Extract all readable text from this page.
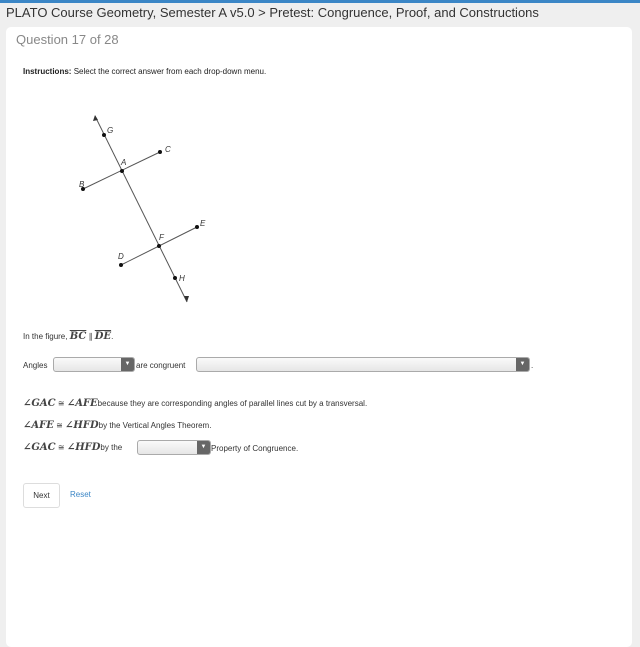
PLATO Course Geometry, Semester A v5.0 > Pretest: Congruence, Proof, and Constructions
Question 17 of 28
Instructions: Select the correct answer from each drop-down menu.
G
A
C
B
F
E
D
H
In the figure, $\overline{BC}$ ∥ $\overline{DE}$.
Angles	▼ are congruent	▼ .
∠GAC ≅ ∠AFEbecause they are corresponding angles of parallel lines cut by a transversal.
∠AFE ≅ ∠HFDby the Vertical Angles Theorem.
∠GAC ≅ ∠HFDby the	▼ Property of Congruence.
Next	Reset
